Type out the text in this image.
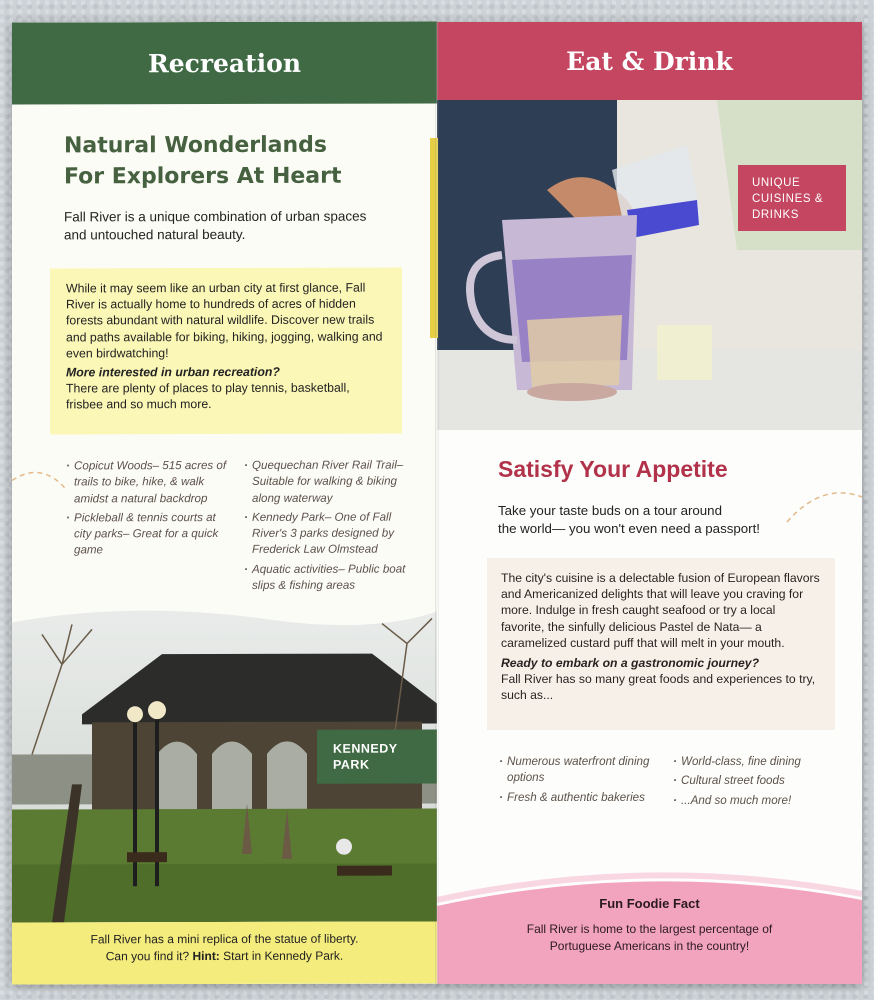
Recreation
Natural Wonderlands
For Explorers At Heart
Fall River is a unique combination of urban spaces and untouched natural beauty.
While it may seem like an urban city at first glance, Fall River is actually home to hundreds of acres of hidden forests abundant with natural wildlife. Discover new trails and paths available for biking, hiking, jogging, walking and even birdwatching!
More interested in urban recreation?
There are plenty of places to play tennis, basketball, frisbee and so much more.
· Copicut Woods– 515 acres of trails to bike, hike, & walk amidst a natural backdrop
· Pickleball & tennis courts at city parks– Great for a quick game
· Quequechan River Rail Trail– Suitable for walking & biking along waterway
· Kennedy Park– One of Fall River's 3 parks designed by Frederick Law Olmstead
· Aquatic activities– Public boat slips & fishing areas
KENNEDY
PARK
Fall River has a mini replica of the statue of liberty.
Can you find it? Hint: Start in Kennedy Park.
Eat & Drink
UNIQUE
CUISINES &
DRINKS
Satisfy Your Appetite
Take your taste buds on a tour around
the world— you won't even need a passport!
The city's cuisine is a delectable fusion of European flavors and Americanized delights that will leave you craving for more. Indulge in fresh caught seafood or try a local favorite, the sinfully delicious Pastel de Nata— a caramelized custard puff that will melt in your mouth.
Ready to embark on a gastronomic journey?
Fall River has so many great foods and experiences to try, such as...
· Numerous waterfront dining options
· Fresh & authentic bakeries
· World-class, fine dining
· Cultural street foods
· ...And so much more!
Fun Foodie Fact
Fall River is home to the largest percentage of Portuguese Americans in the country!
